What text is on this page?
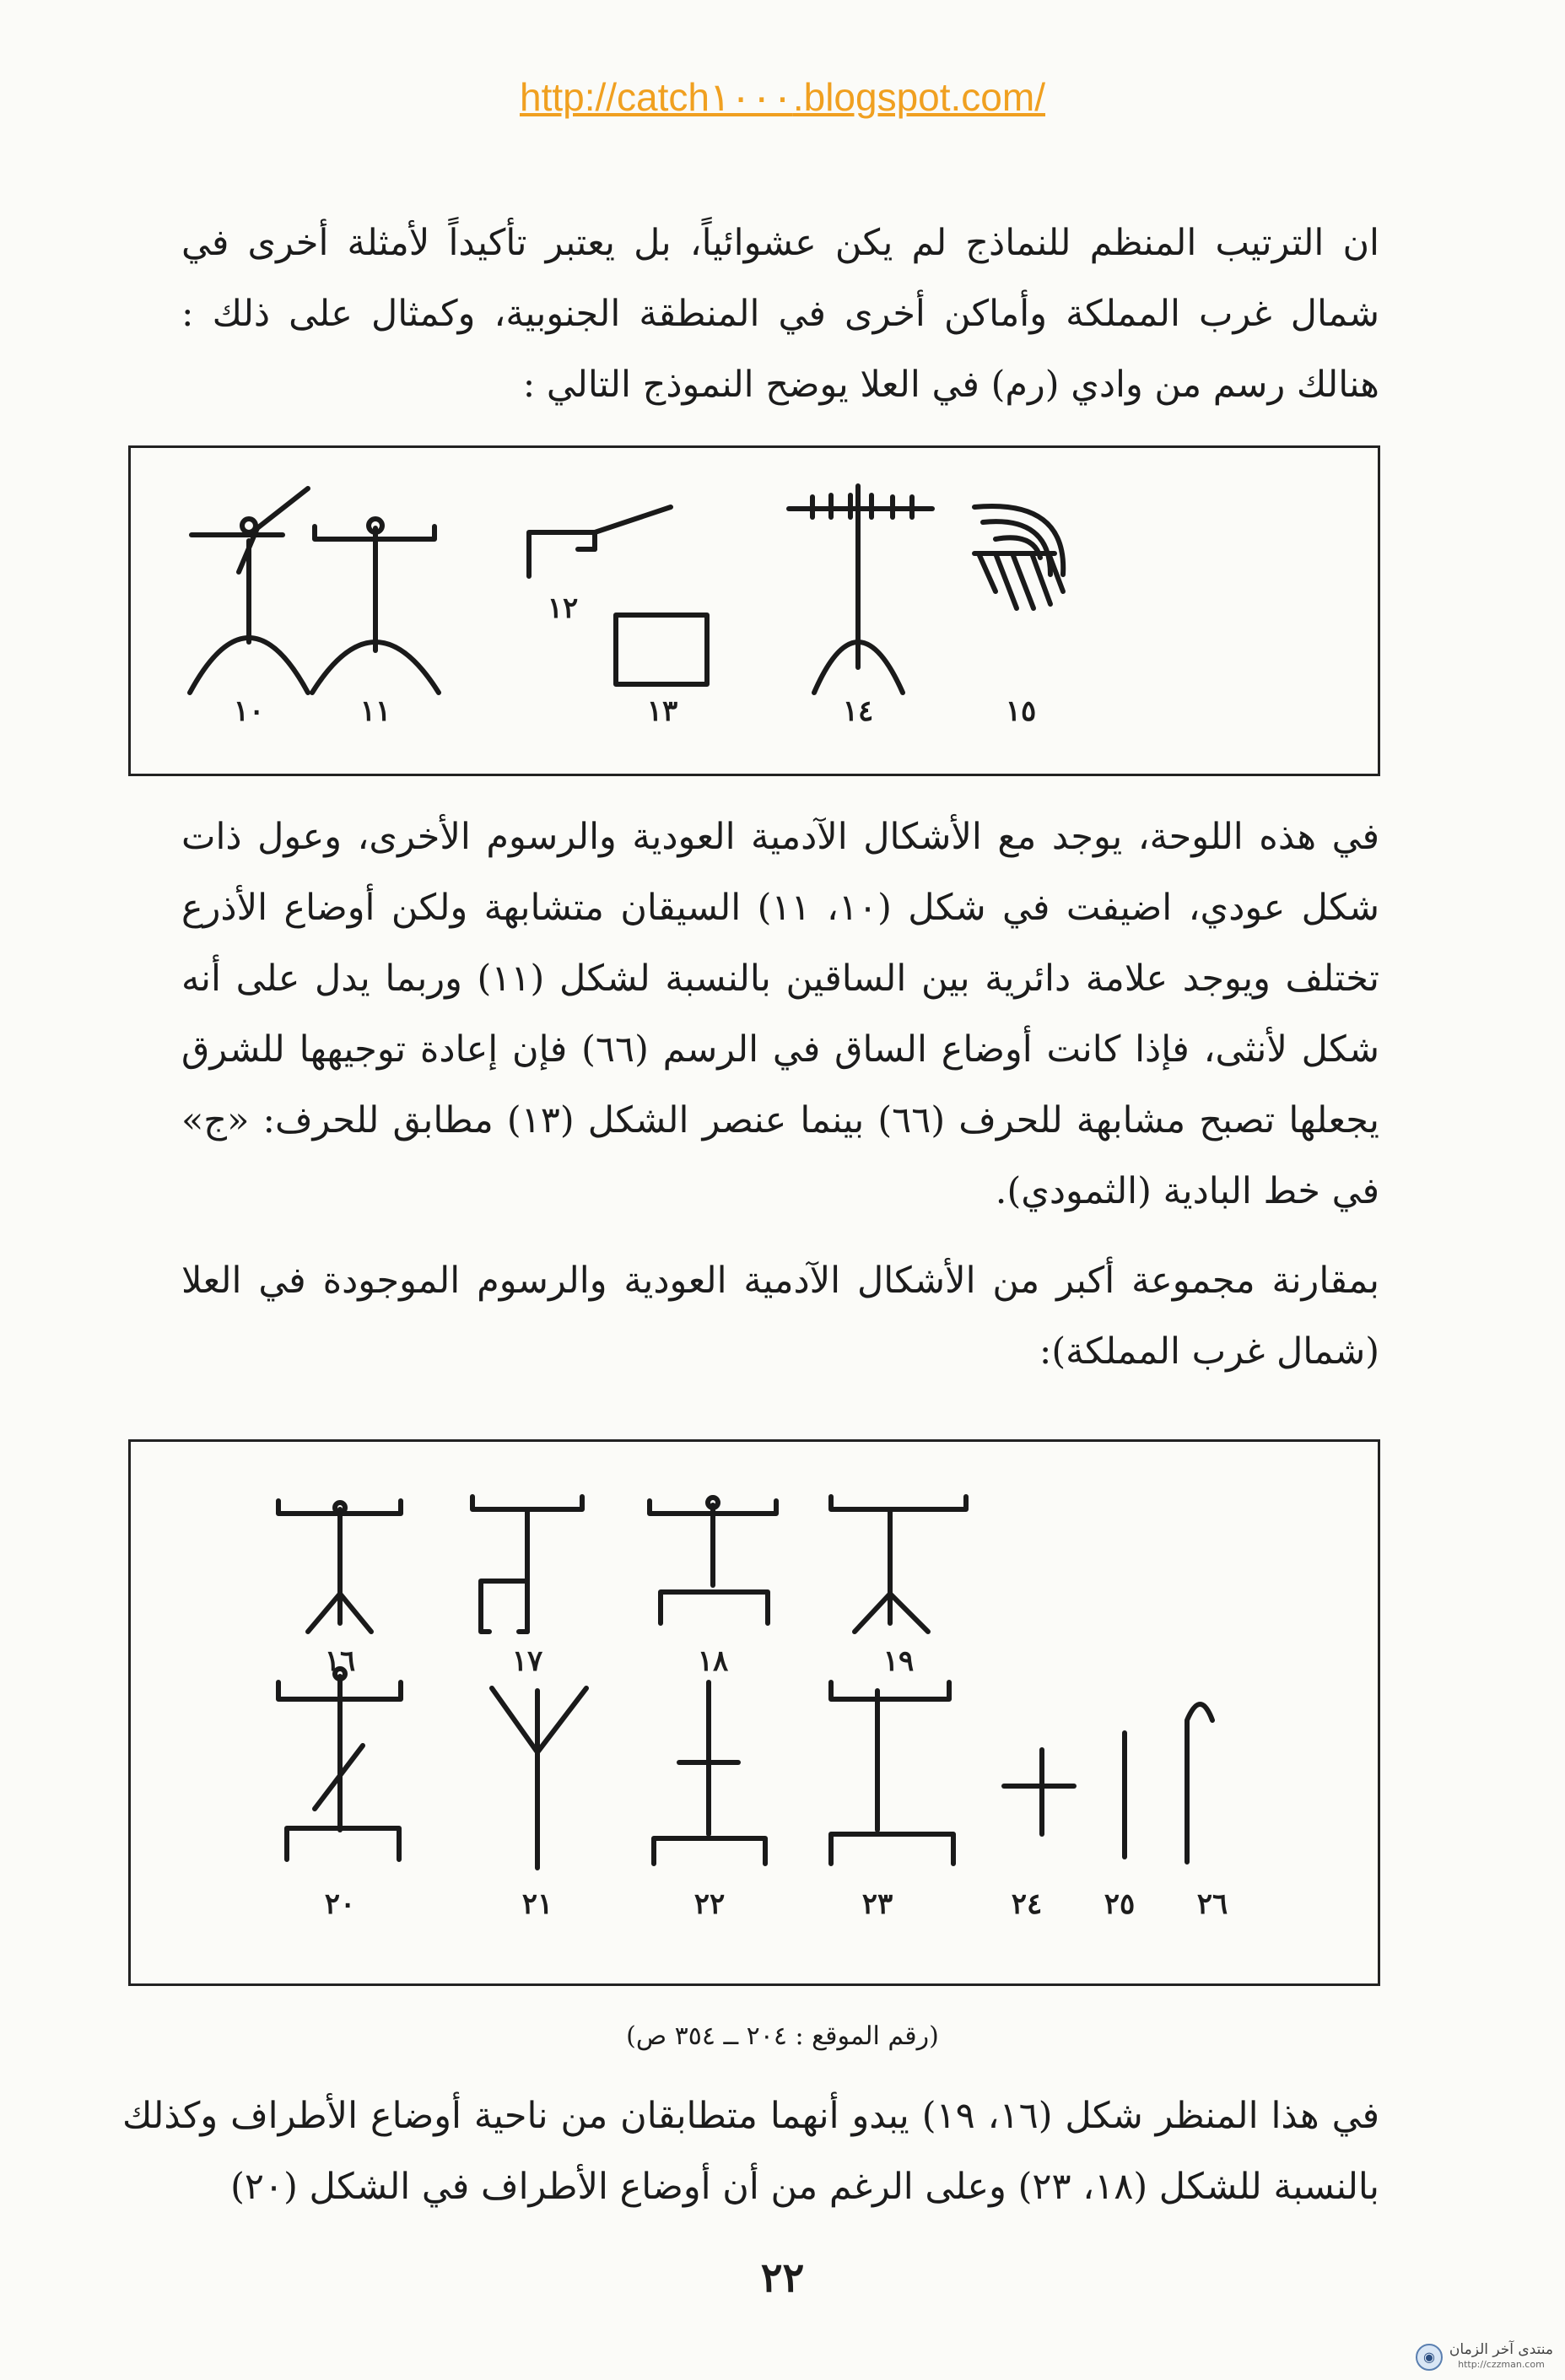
http://catch١٠٠٠.blogspot.com/
ان الترتيب المنظم للنماذج لم يكن عشوائياً، بل يعتبر تأكيداً لأمثلة أخرى في شمال غرب المملكة وأماكن أخرى في المنطقة الجنوبية، وكمثال على ذلك : هنالك رسم من وادي (رم) في العلا يوضح النموذج التالي :
١٠	١١
١٢
١٣	١٤	١٥
في هذه اللوحة، يوجد مع الأشكال الآدمية العودية والرسوم الأخرى، وعول ذات شكل عودي، اضيفت في شكل (١٠، ١١) السيقان متشابهة ولكن أوضاع الأذرع تختلف ويوجد علامة دائرية بين الساقين بالنسبة لشكل (١١) وربما يدل على أنه شكل لأنثى، فإذا كانت أوضاع الساق في الرسم (٦٦) فإن إعادة توجيهها للشرق يجعلها تصبح مشابهة للحرف (٦٦) بينما عنصر الشكل (١٣) مطابق للحرف: «ج» في خط البادية (الثمودي).
بمقارنة مجموعة أكبر من الأشكال الآدمية العودية والرسوم الموجودة في العلا (شمال غرب المملكة):
١٦	١٧	١٨	١٩
٢٠	٢١	٢٢	٢٣	٢٤	٢٥	٢٦
(رقم الموقع : ٢٠٤ ــ ٣٥٤ ص)
في هذا المنظر شكل (١٦، ١٩) يبدو أنهما متطابقان من ناحية أوضاع الأطراف وكذلك بالنسبة للشكل (١٨، ٢٣) وعلى الرغم من أن أوضاع الأطراف في الشكل (٢٠)
٢٢
منتدى آخر الزمان
http://czzman.com
◉
